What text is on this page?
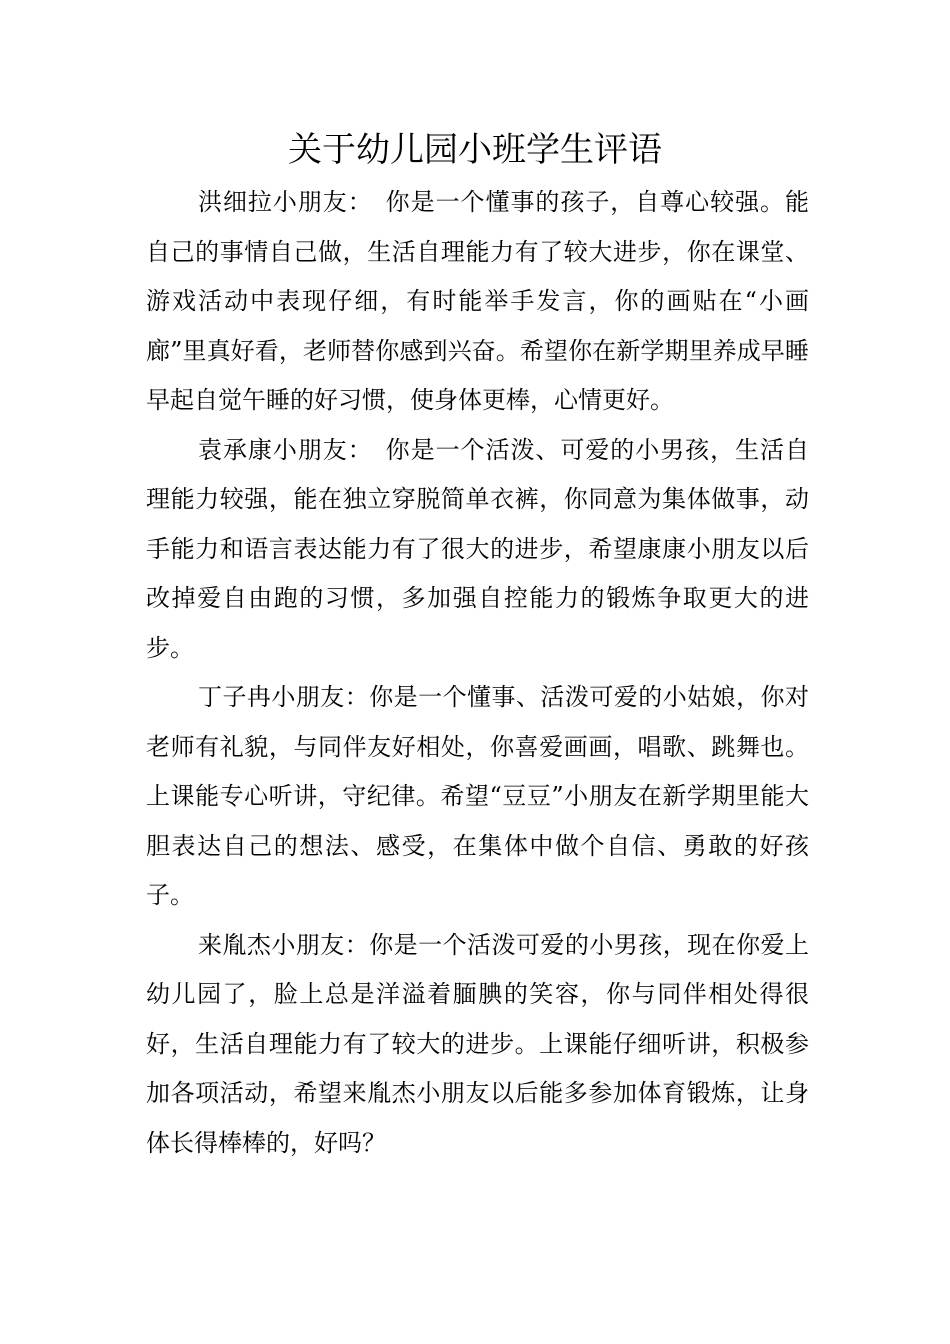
关于幼儿园小班学生评语

洪细拉小朋友：　你是一个懂事的孩子，自尊心较强。能自己的事情自己做，生活自理能力有了较大进步，你在课堂、游戏活动中表现仔细，有时能举手发言，你的画贴在“小画廊”里真好看，老师替你感到兴奋。希望你在新学期里养成早睡早起自觉午睡的好习惯，使身体更棒，心情更好。

袁承康小朋友：　你是一个活泼、可爱的小男孩，生活自理能力较强，能在独立穿脱简单衣裤，你同意为集体做事，动手能力和语言表达能力有了很大的进步，希望康康小朋友以后改掉爱自由跑的习惯，多加强自控能力的锻炼争取更大的进步。

丁子冉小朋友：你是一个懂事、活泼可爱的小姑娘，你对老师有礼貌，与同伴友好相处，你喜爱画画，唱歌、跳舞也。上课能专心听讲，守纪律。希望“豆豆”小朋友在新学期里能大胆表达自己的想法、感受，在集体中做个自信、勇敢的好孩子。

来胤杰小朋友：你是一个活泼可爱的小男孩，现在你爱上幼儿园了，脸上总是洋溢着腼腆的笑容，你与同伴相处得很好，生活自理能力有了较大的进步。上课能仔细听讲，积极参加各项活动，希望来胤杰小朋友以后能多参加体育锻炼，让身体长得棒棒的，好吗？
